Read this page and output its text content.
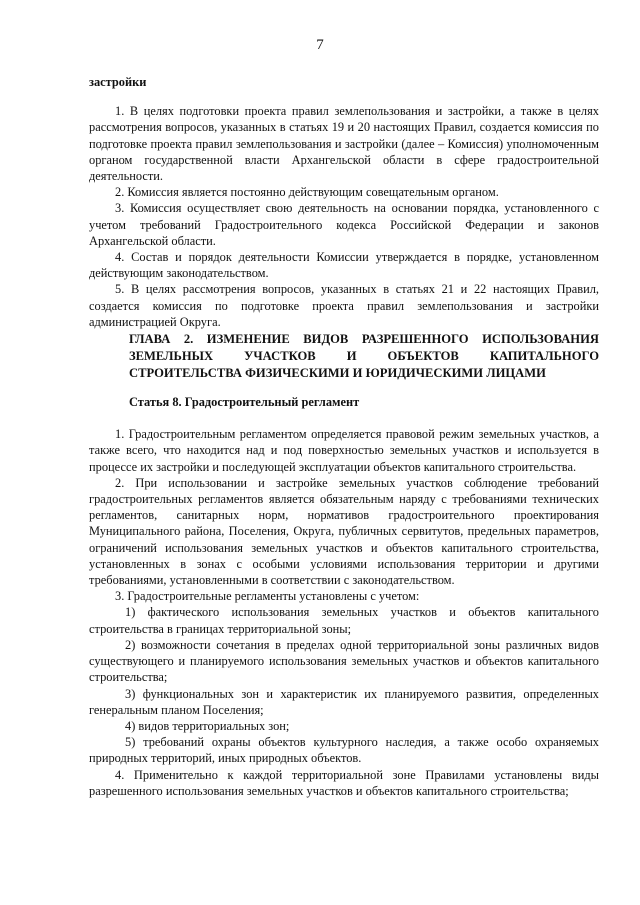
7

застройки

1. В целях подготовки проекта правил землепользования и застройки, а также в целях рассмотрения вопросов, указанных в статьях 19 и 20 настоящих Правил, создается комиссия по подготовке проекта правил землепользования и застройки (далее – Комиссия) уполномоченным органом государственной власти Архангельской области в сфере градостроительной деятельности.

2. Комиссия является постоянно действующим совещательным органом.

3. Комиссия осуществляет свою деятельность на основании порядка, установленного с учетом требований Градостроительного кодекса Российской Федерации и законов Архангельской области.

4. Состав и порядок деятельности Комиссии утверждается в порядке, установленном действующим законодательством.

5. В целях рассмотрения вопросов, указанных в статьях 21 и 22 настоящих Правил, создается комиссия по подготовке проекта правил землепользования и застройки администрацией Округа.

ГЛАВА 2. ИЗМЕНЕНИЕ ВИДОВ РАЗРЕШЕННОГО ИСПОЛЬЗОВАНИЯ ЗЕМЕЛЬНЫХ УЧАСТКОВ И ОБЪЕКТОВ КАПИТАЛЬНОГО СТРОИТЕЛЬСТВА ФИЗИЧЕСКИМИ И ЮРИДИЧЕСКИМИ ЛИЦАМИ
Статья 8. Градостроительный регламент

1. Градостроительным регламентом определяется правовой режим земельных участков, а также всего, что находится над и под поверхностью земельных участков и используется в процессе их застройки и последующей эксплуатации объектов капитального строительства.

2. При использовании и застройке земельных участков соблюдение требований градостроительных регламентов является обязательным наряду с требованиями технических регламентов, санитарных норм, нормативов градостроительного проектирования Муниципального района, Поселения, Округа, публичных сервитутов, предельных параметров, ограничений использования земельных участков и объектов капитального строительства, установленных в зонах с особыми условиями использования территории и другими требованиями, установленными в соответствии с законодательством.

3. Градостроительные регламенты установлены с учетом:

1) фактического использования земельных участков и объектов капитального строительства в границах территориальной зоны;

2) возможности сочетания в пределах одной территориальной зоны различных видов существующего и планируемого использования земельных участков и объектов капитального строительства;

3) функциональных зон и характеристик их планируемого развития, определенных генеральным планом Поселения;

4) видов территориальных зон;

5) требований охраны объектов культурного наследия, а также особо охраняемых природных территорий, иных природных объектов.

4. Применительно к каждой территориальной зоне Правилами установлены виды разрешенного использования земельных участков и объектов капитального строительства;
